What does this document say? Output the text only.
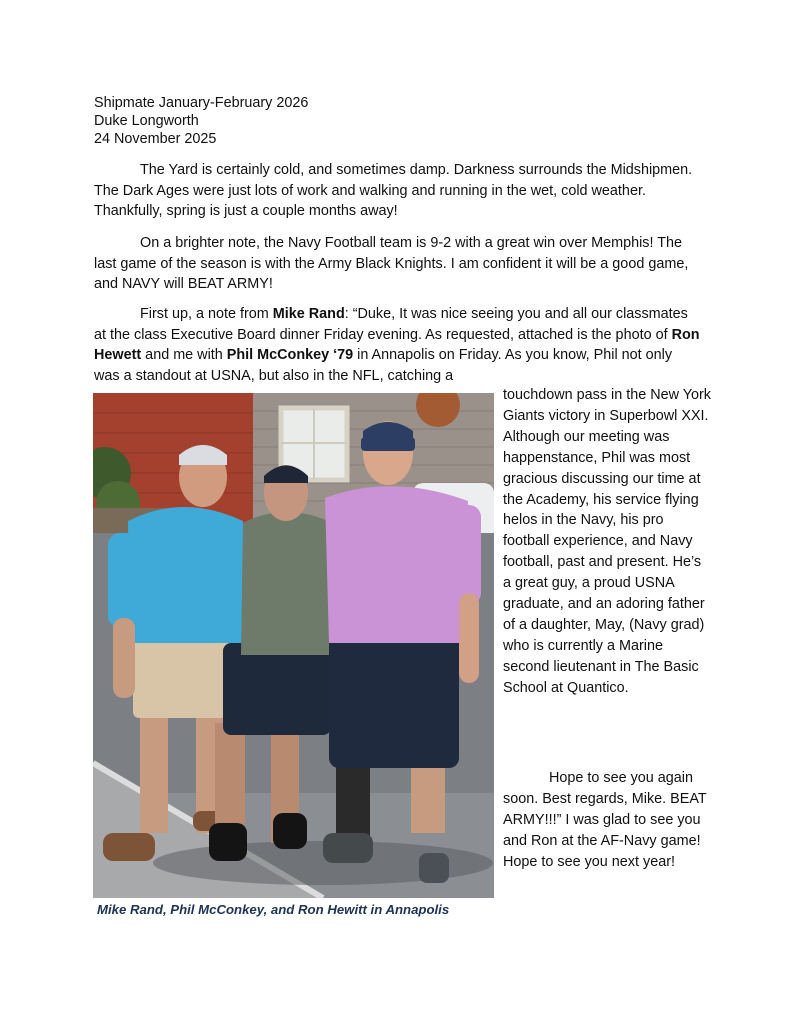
Shipmate January-February 2026
Duke Longworth
24 November 2025

The Yard is certainly cold, and sometimes damp. Darkness surrounds the Midshipmen. The Dark Ages were just lots of work and walking and running in the wet, cold weather. Thankfully, spring is just a couple months away!

On a brighter note, the Navy Football team is 9-2 with a great win over Memphis! The last game of the season is with the Army Black Knights. I am confident it will be a good game, and NAVY will BEAT ARMY!

First up, a note from Mike Rand: “Duke, It was nice seeing you and all our classmates at the class Executive Board dinner Friday evening. As requested, attached is the photo of Ron Hewett and me with Phil McConkey ‘79 in Annapolis on Friday. As you know, Phil not only was a standout at USNA, but also in the NFL, catching a

Mike Rand, Phil McConkey, and Ron Hewitt in Annapolis

touchdown pass in the New York Giants victory in Superbowl XXI. Although our meeting was happenstance, Phil was most gracious discussing our time at the Academy, his service flying helos in the Navy, his pro football experience, and Navy football, past and present. He’s a great guy, a proud USNA graduate, and an adoring father of a daughter, May, (Navy grad) who is currently a Marine second lieutenant in The Basic School at Quantico.

Hope to see you again soon. Best regards, Mike. BEAT ARMY!!!” I was glad to see you and Ron at the AF-Navy game! Hope to see you next year!
